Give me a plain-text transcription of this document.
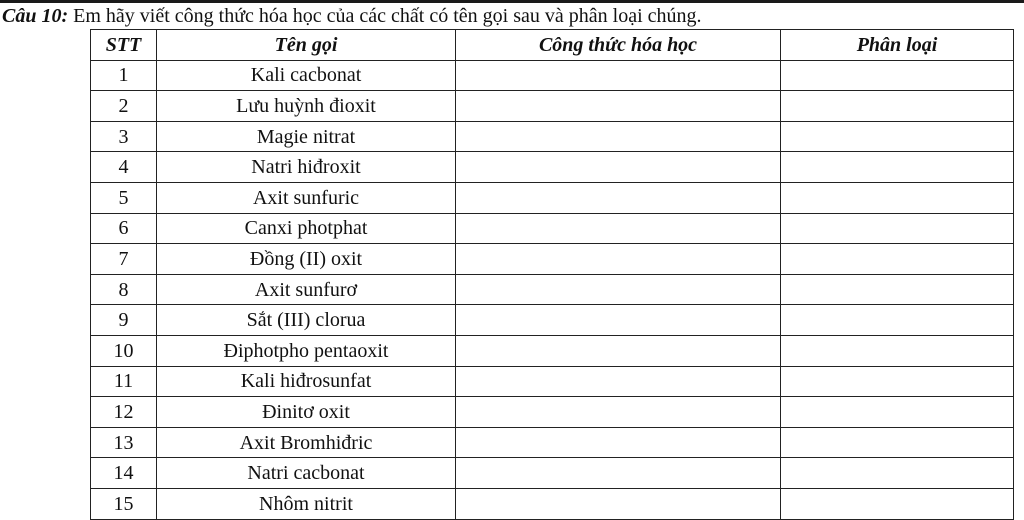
Câu 10: Em hãy viết công thức hóa học của các chất có tên gọi sau và phân loại chúng.
STT	Tên gọi	Công thức hóa học	Phân loại
1	Kali cacbonat		
2	Lưu huỳnh đioxit		
3	Magie nitrat		
4	Natri hiđroxit		
5	Axit sunfuric		
6	Canxi photphat		
7	Đồng (II) oxit		
8	Axit sunfurơ		
9	Sắt (III) clorua		
10	Điphotpho pentaoxit		
11	Kali hiđrosunfat		
12	Đinitơ oxit		
13	Axit Bromhiđric		
14	Natri cacbonat		
15	Nhôm nitrit		
